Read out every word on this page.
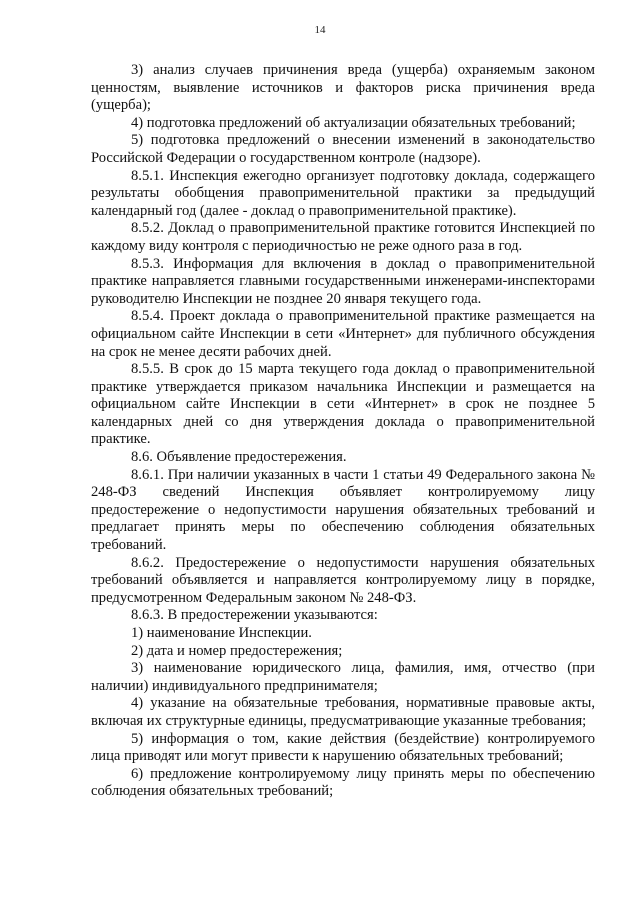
14

3) анализ случаев причинения вреда (ущерба) охраняемым законом ценностям, выявление источников и факторов риска причинения вреда (ущерба);

4) подготовка предложений об актуализации обязательных требований;

5) подготовка предложений о внесении изменений в законодательство Российской Федерации о государственном контроле (надзоре).

8.5.1. Инспекция ежегодно организует подготовку доклада, содержащего результаты обобщения правоприменительной практики за предыдущий календарный год (далее - доклад о правоприменительной практике).

8.5.2. Доклад о правоприменительной практике готовится Инспекцией по каждому виду контроля с периодичностью не реже одного раза в год.

8.5.3. Информация для включения в доклад о правоприменительной практике направляется главными государственными инженерами-инспекторами руководителю Инспекции не позднее 20 января текущего года.

8.5.4. Проект доклада о правоприменительной практике размещается на официальном сайте Инспекции в сети «Интернет» для публичного обсуждения на срок не менее десяти рабочих дней.

8.5.5. В срок до 15 марта текущего года доклад о правоприменительной практике утверждается приказом начальника Инспекции и размещается на официальном сайте Инспекции в сети «Интернет» в срок не позднее 5 календарных дней со дня утверждения доклада о правоприменительной практике.

8.6. Объявление предостережения.

8.6.1. При наличии указанных в части 1 статьи 49 Федерального закона № 248-ФЗ сведений Инспекция объявляет контролируемому лицу предостережение о недопустимости нарушения обязательных требований и предлагает принять меры по обеспечению соблюдения обязательных требований.

8.6.2. Предостережение о недопустимости нарушения обязательных требований объявляется и направляется контролируемому лицу в порядке, предусмотренном Федеральным законом № 248-ФЗ.

8.6.3. В предостережении указываются:

1) наименование Инспекции.

2) дата и номер предостережения;

3) наименование юридического лица, фамилия, имя, отчество (при наличии) индивидуального предпринимателя;

4) указание на обязательные требования, нормативные правовые акты, включая их структурные единицы, предусматривающие указанные требования;

5) информация о том, какие действия (бездействие) контролируемого лица приводят или могут привести к нарушению обязательных требований;

6) предложение контролируемому лицу принять меры по обеспечению соблюдения обязательных требований;
